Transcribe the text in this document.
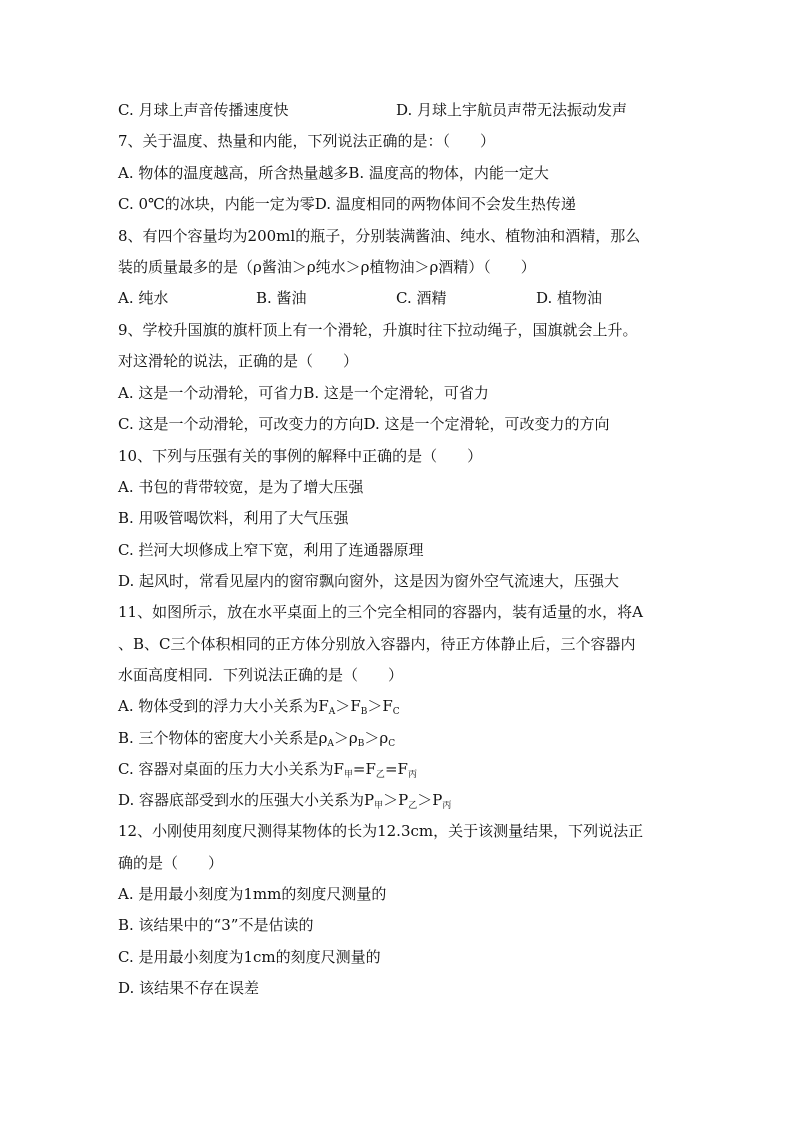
C. 月球上声音传播速度快	D. 月球上宇航员声带无法振动发声
7、关于温度、热量和内能，下列说法正确的是：（　　）
A. 物体的温度越高，所含热量越多B. 温度高的物体，内能一定大
C. 0℃的冰块，内能一定为零D. 温度相同的两物体间不会发生热传递
8、有四个容量均为200ml的瓶子，分别装满酱油、纯水、植物油和酒精，那么
装的质量最多的是（ρ酱油＞ρ纯水＞ρ植物油＞ρ酒精）（　　）
A. 纯水	B. 酱油	C. 酒精	D. 植物油
9、学校升国旗的旗杆顶上有一个滑轮，升旗时往下拉动绳子，国旗就会上升。
对这滑轮的说法，正确的是（　　）
A. 这是一个动滑轮，可省力B. 这是一个定滑轮，可省力
C. 这是一个动滑轮，可改变力的方向D. 这是一个定滑轮，可改变力的方向
10、下列与压强有关的事例的解释中正确的是（　　）
A. 书包的背带较宽，是为了增大压强
B. 用吸管喝饮料，利用了大气压强
C. 拦河大坝修成上窄下宽，利用了连通器原理
D. 起风时，常看见屋内的窗帘飘向窗外，这是因为窗外空气流速大，压强大
11、如图所示，放在水平桌面上的三个完全相同的容器内，装有适量的水，将A
、B、C三个体积相同的正方体分别放入容器内，待正方体静止后，三个容器内
水面高度相同．下列说法正确的是（　　）
A. 物体受到的浮力大小关系为$F_A>F_B>F_C$
B. 三个物体的密度大小关系是$\rho_A>\rho_B>\rho_C$
C. 容器对桌面的压力大小关系为$F_甲=F_乙=F_丙$
D. 容器底部受到水的压强大小关系为$P_甲>P_乙>P_丙$
12、小刚使用刻度尺测得某物体的长为12.3cm，关于该测量结果，下列说法正
确的是（　　）
A. 是用最小刻度为1mm的刻度尺测量的
B. 该结果中的“3”不是估读的
C. 是用最小刻度为1cm的刻度尺测量的
D. 该结果不存在误差
